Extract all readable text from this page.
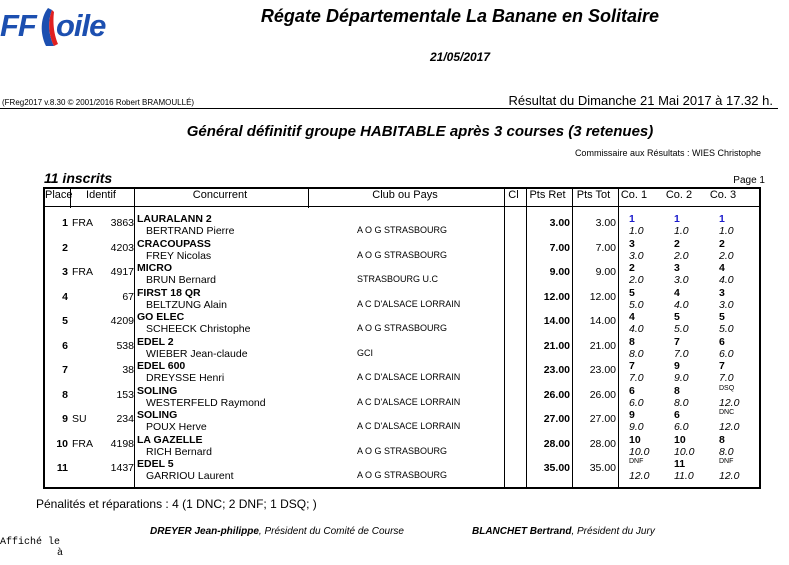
FF oile	Régate Départementale La Banane en Solitaire
21/05/2017
(FReg2017 v.8.30 © 2001/2016 Robert BRAMOULLÉ)	Résultat du Dimanche 21 Mai 2017 à 17.32 h.
Général définitif groupe HABITABLE après 3 courses (3 retenues)
Commissaire aux Résultats : WIES Christophe
11 inscrits	Page 1
Place	Identif	Concurrent	Club ou Pays	Cl Pts Ret	Pts Tot Co. 1	Co. 2	Co. 3
1 FRA	3863 LAURALANN 2
BERTRAND Pierre	A O G STRASBOURG
3.00	3.00 1	1	1
1.0	1.0	1.0
2	4203 CRACOUPASS
FREY Nicolas	A O G STRASBOURG
7.00	7.00 3	2	2
3.0	2.0	2.0
3 FRA	4917 MICRO
BRUN Bernard	STRASBOURG U.C
9.00	9.00 2	3	4
2.0	3.0	4.0
4	67 FIRST 18 QR
BELTZUNG Alain	A C D'ALSACE LORRAIN
12.00	12.00 5	4	3
5.0	4.0	3.0
5	4209 GO ELEC
SCHEECK Christophe	A O G STRASBOURG
14.00	14.00 4	5	5
4.0	5.0	5.0
6	538 EDEL 2
WIEBER Jean-claude	GCI
21.00	21.00 8	7	6
8.0	7.0	6.0
7	38 EDEL 600
DREYSSE Henri	A C D'ALSACE LORRAIN
23.00	23.00 7	9	7
7.0	9.0	7.0
8	153 SOLING
WESTERFELD Raymond	A C D'ALSACE LORRAIN
26.00	26.00 6	8	DSQ
6.0	8.0	12.0
9 SU	234 SOLING
POUX Herve	A C D'ALSACE LORRAIN
27.00	27.00 9	6	DNC
9.0	6.0	12.0
10 FRA	4198 LA GAZELLE
RICH Bernard	A O G STRASBOURG
28.00	28.00 10	10	8
10.0 10.0 8.0
11	1437 EDEL 5
GARRIOU Laurent	A O G STRASBOURG
35.00	35.00
DNF	11	DNF
12.0 11.0 12.0
Pénalités et réparations : 4 (1 DNC; 2 DNF; 1 DSQ; )
DREYER Jean-philippe, Président du Comité de Course	BLANCHET Bertrand, Président du Jury
Affiché le
à
